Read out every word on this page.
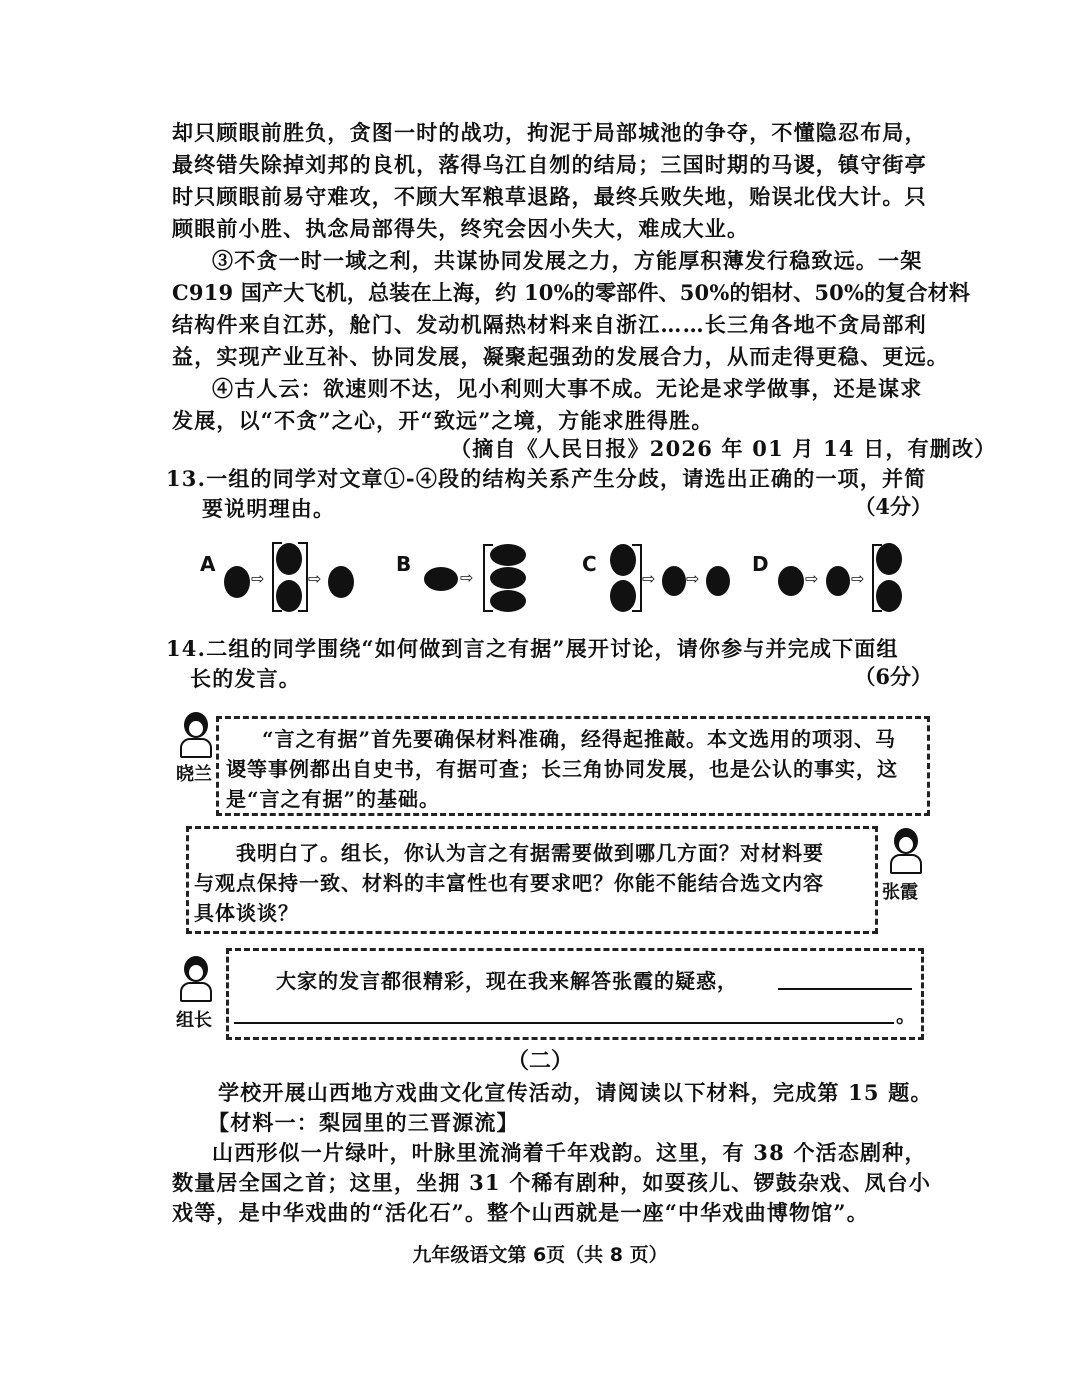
却只顾眼前胜负，贪图一时的战功，拘泥于局部城池的争夺，不懂隐忍布局，
最终错失除掉刘邦的良机，落得乌江自刎的结局；三国时期的马谡，镇守街亭
时只顾眼前易守难攻，不顾大军粮草退路，最终兵败失地，贻误北伐大计。只
顾眼前小胜、执念局部得失，终究会因小失大，难成大业。
③不贪一时一域之利，共谋协同发展之力，方能厚积薄发行稳致远。一架
C919 国产大飞机，总装在上海，约 10%的零部件、50%的铝材、50%的复合材料
结构件来自江苏，舱门、发动机隔热材料来自浙江……长三角各地不贪局部利
益，实现产业互补、协同发展，凝聚起强劲的发展合力，从而走得更稳、更远。
④古人云：欲速则不达，见小利则大事不成。无论是求学做事，还是谋求
发展，以“不贪”之心，开“致远”之境，方能求胜得胜。
（摘自《人民日报》2026 年 01 月 14 日，有删改）
13.一组的同学对文章①-④段的结构关系产生分歧，请选出正确的一项，并简
要说明理由。	（4分）
A
⇨	⇨
B
⇨
C
⇨ ⇨
D
⇨ ⇨
14.二组的同学围绕“如何做到言之有据”展开讨论，请你参与并完成下面组
长的发言。	（6分）
晓兰
“言之有据”首先要确保材料准确，经得起推敲。本文选用的项羽、马
谡等事例都出自史书，有据可查；长三角协同发展，也是公认的事实，这
是“言之有据”的基础。
我明白了。组长，你认为言之有据需要做到哪几方面？对材料要
与观点保持一致、材料的丰富性也有要求吧？你能不能结合选文内容
具体谈谈？
张霞
组长
大家的发言都很精彩，现在我来解答张霞的疑惑，
。
（二）
学校开展山西地方戏曲文化宣传活动，请阅读以下材料，完成第 15 题。
【材料一：梨园里的三晋源流】
山西形似一片绿叶，叶脉里流淌着千年戏韵。这里，有 38 个活态剧种，
数量居全国之首；这里，坐拥 31 个稀有剧种，如耍孩儿、锣鼓杂戏、凤台小
戏等，是中华戏曲的“活化石”。整个山西就是一座“中华戏曲博物馆”。
九年级语文第 6页（共 8 页）
